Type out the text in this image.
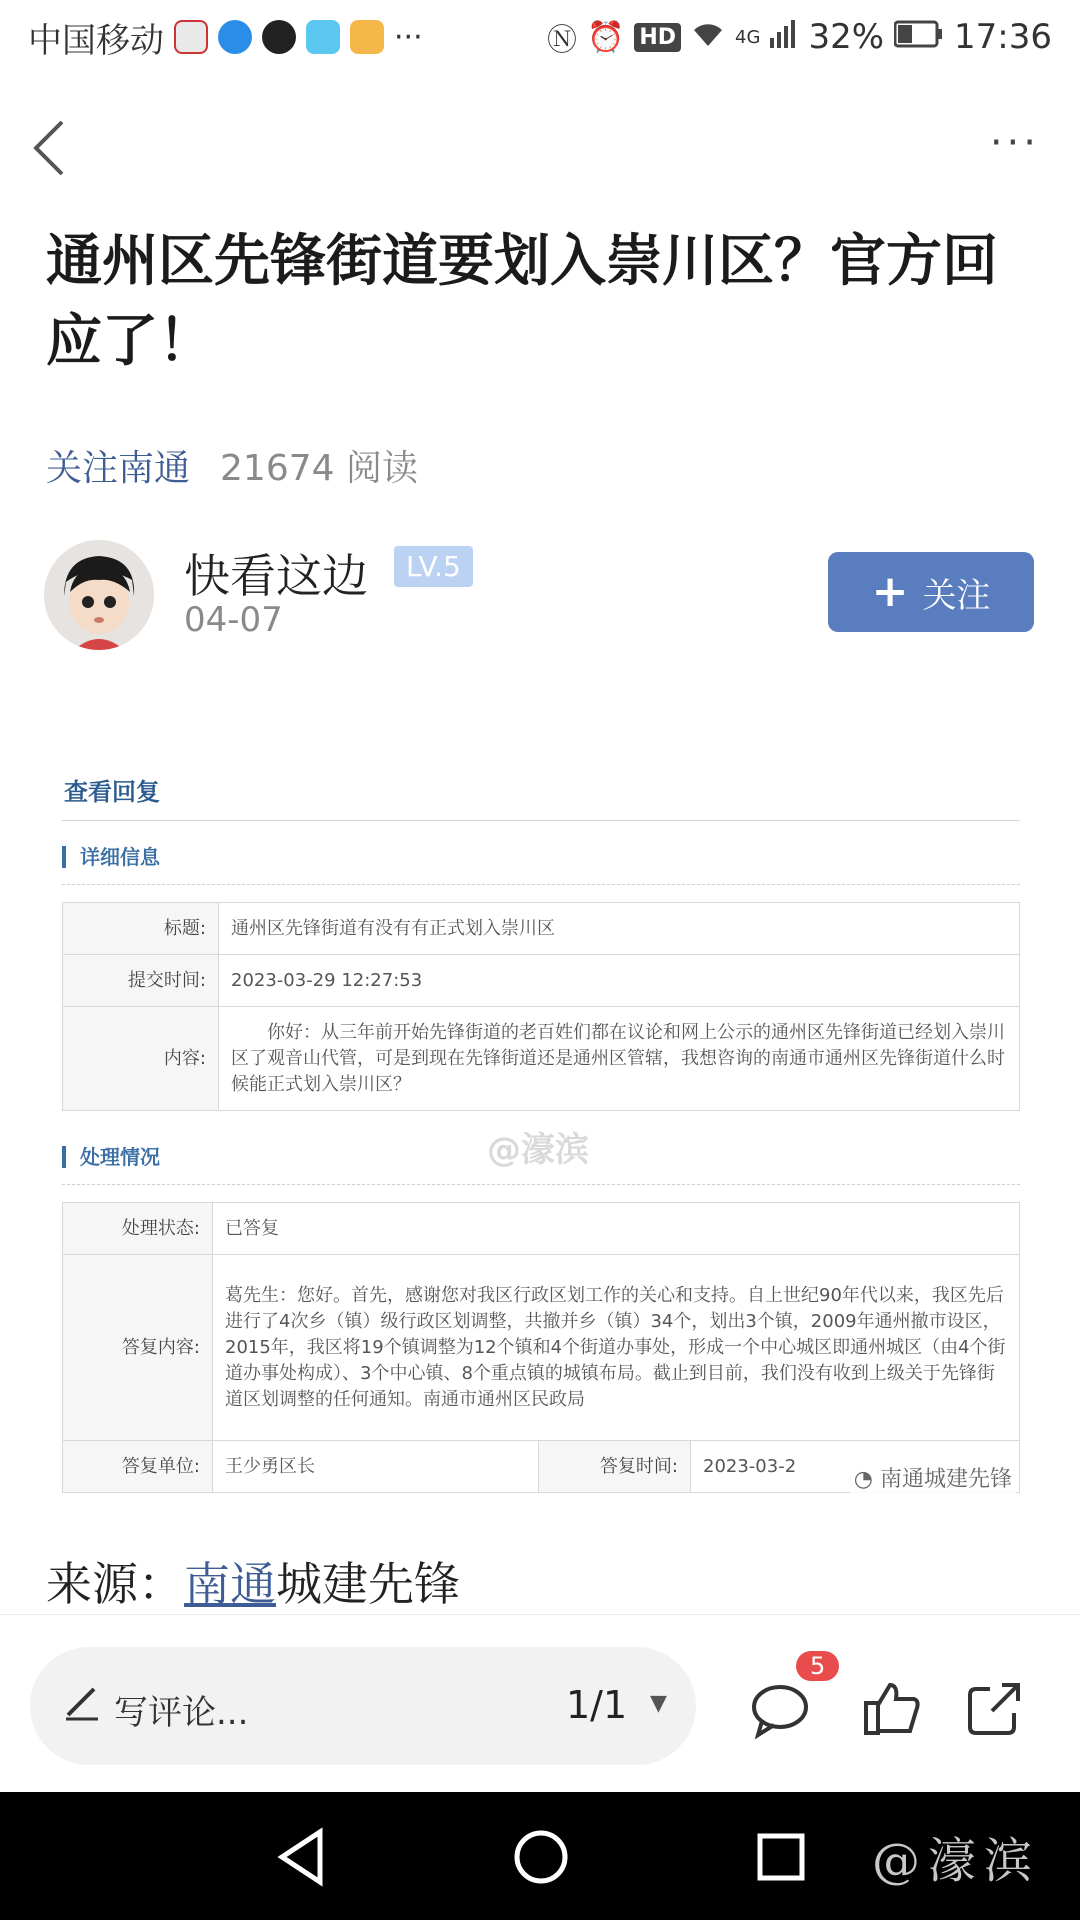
中国移动	···	Ⓝ ⏰ HD	4G 32% 17:36
···
通州区先锋街道要划入崇川区？官方回应了！
关注南通 21674 阅读
快看这边	LV.5
04-07
+ 关注
查看回复
详细信息
标题:	通州区先锋街道有没有有正式划入崇川区
提交时间:	2023-03-29 12:27:53
内容:	你好：从三年前开始先锋街道的老百姓们都在议论和网上公示的通州区先锋街道已经划入崇川区了观音山代管，可是到现在先锋街道还是通州区管辖，我想咨询的南通市通州区先锋街道什么时候能正式划入崇川区？
@濠滨
处理情况
处理状态:	已答复		
答复内容:	葛先生：您好。首先，感谢您对我区行政区划工作的关心和支持。自上世纪90年代以来，我区先后进行了4次乡（镇）级行政区划调整，共撤并乡（镇）34个，划出3个镇，2009年通州撤市设区，2015年，我区将19个镇调整为12个镇和4个街道办事处，形成一个中心城区即通州城区（由4个街道办事处构成）、3个中心镇、8个重点镇的城镇布局。截止到目前，我们没有收到上级关于先锋街道区划调整的任何通知。南通市通州区民政局		
答复单位:	王少勇区长	答复时间:	2023-03-2
◔ 南通城建先锋
来源：南通城建先锋
写评论...	1/1 ▼
5
@濠滨
